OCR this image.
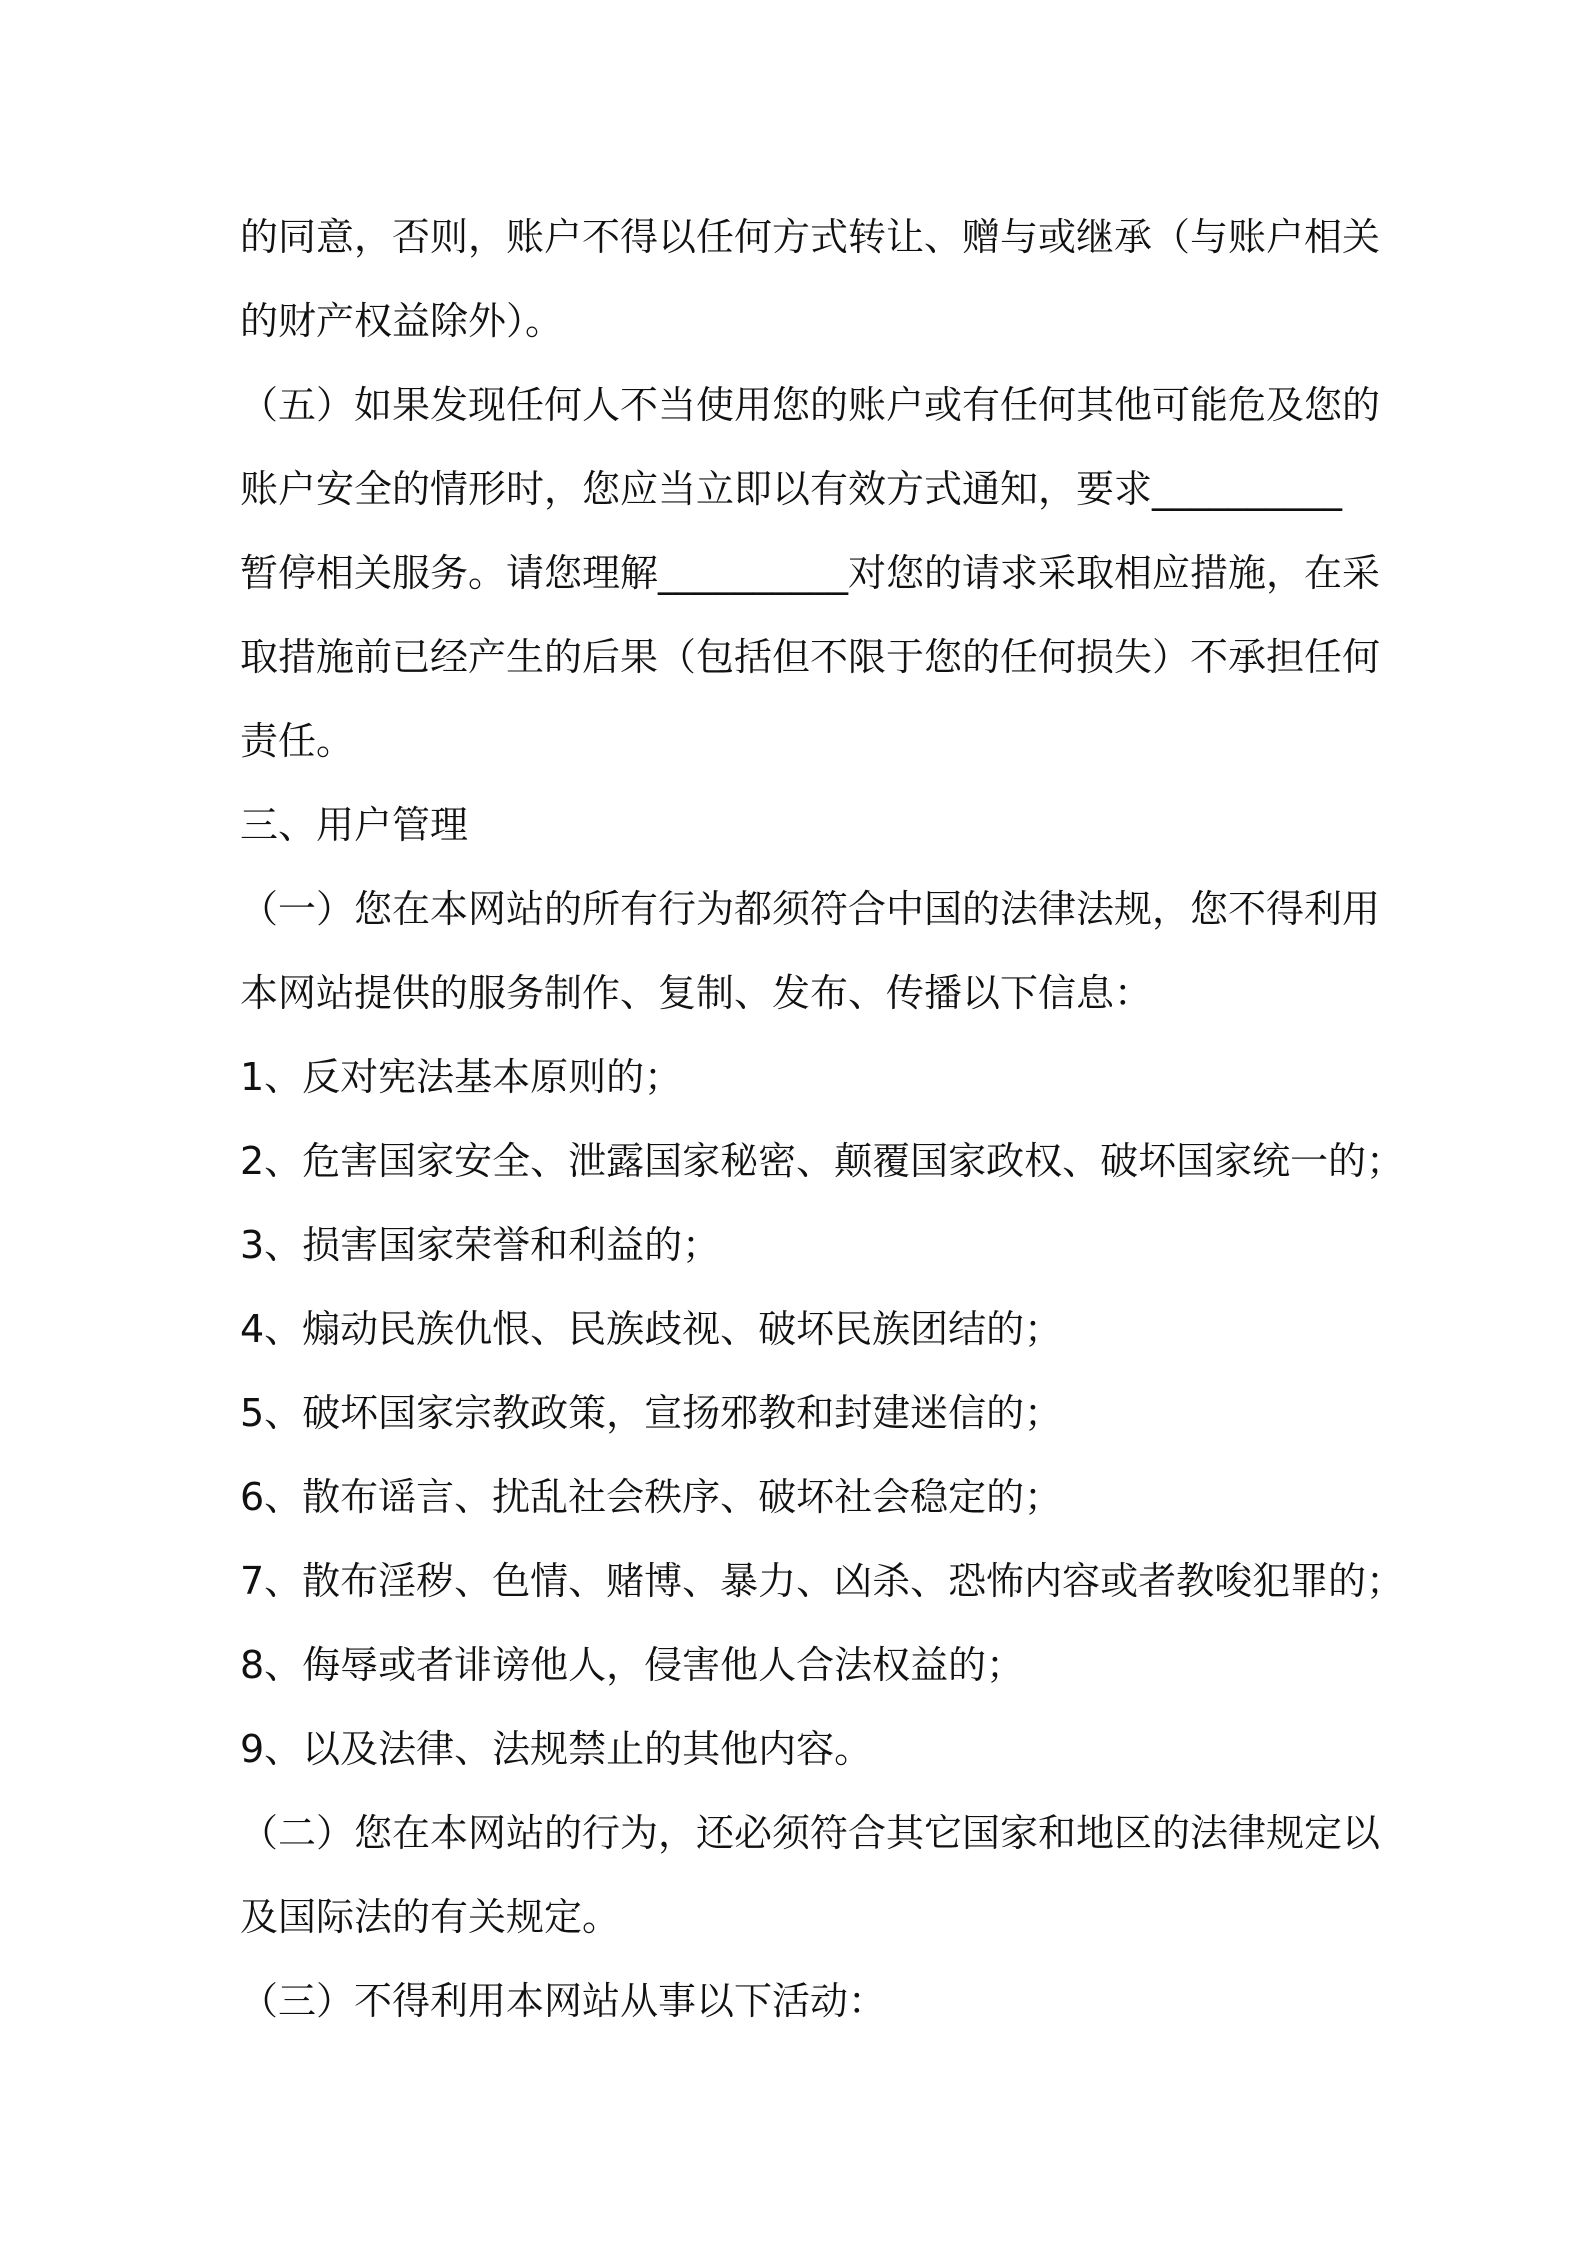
的同意，否则，账户不得以任何方式转让、赠与或继承（与账户相关
的财产权益除外）。
（五）如果发现任何人不当使用您的账户或有任何其他可能危及您的
账户安全的情形时，您应当立即以有效方式通知，要求__________
暂停相关服务。请您理解__________对您的请求采取相应措施，在采
取措施前已经产生的后果（包括但不限于您的任何损失）不承担任何
责任。
三、用户管理
（一）您在本网站的所有行为都须符合中国的法律法规，您不得利用
本网站提供的服务制作、复制、发布、传播以下信息：
1、反对宪法基本原则的；
2、危害国家安全、泄露国家秘密、颠覆国家政权、破坏国家统一的；
3、损害国家荣誉和利益的；
4、煽动民族仇恨、民族歧视、破坏民族团结的；
5、破坏国家宗教政策，宣扬邪教和封建迷信的；
6、散布谣言、扰乱社会秩序、破坏社会稳定的；
7、散布淫秽、色情、赌博、暴力、凶杀、恐怖内容或者教唆犯罪的；
8、侮辱或者诽谤他人，侵害他人合法权益的；
9、以及法律、法规禁止的其他内容。
（二）您在本网站的行为，还必须符合其它国家和地区的法律规定以
及国际法的有关规定。
（三）不得利用本网站从事以下活动：
